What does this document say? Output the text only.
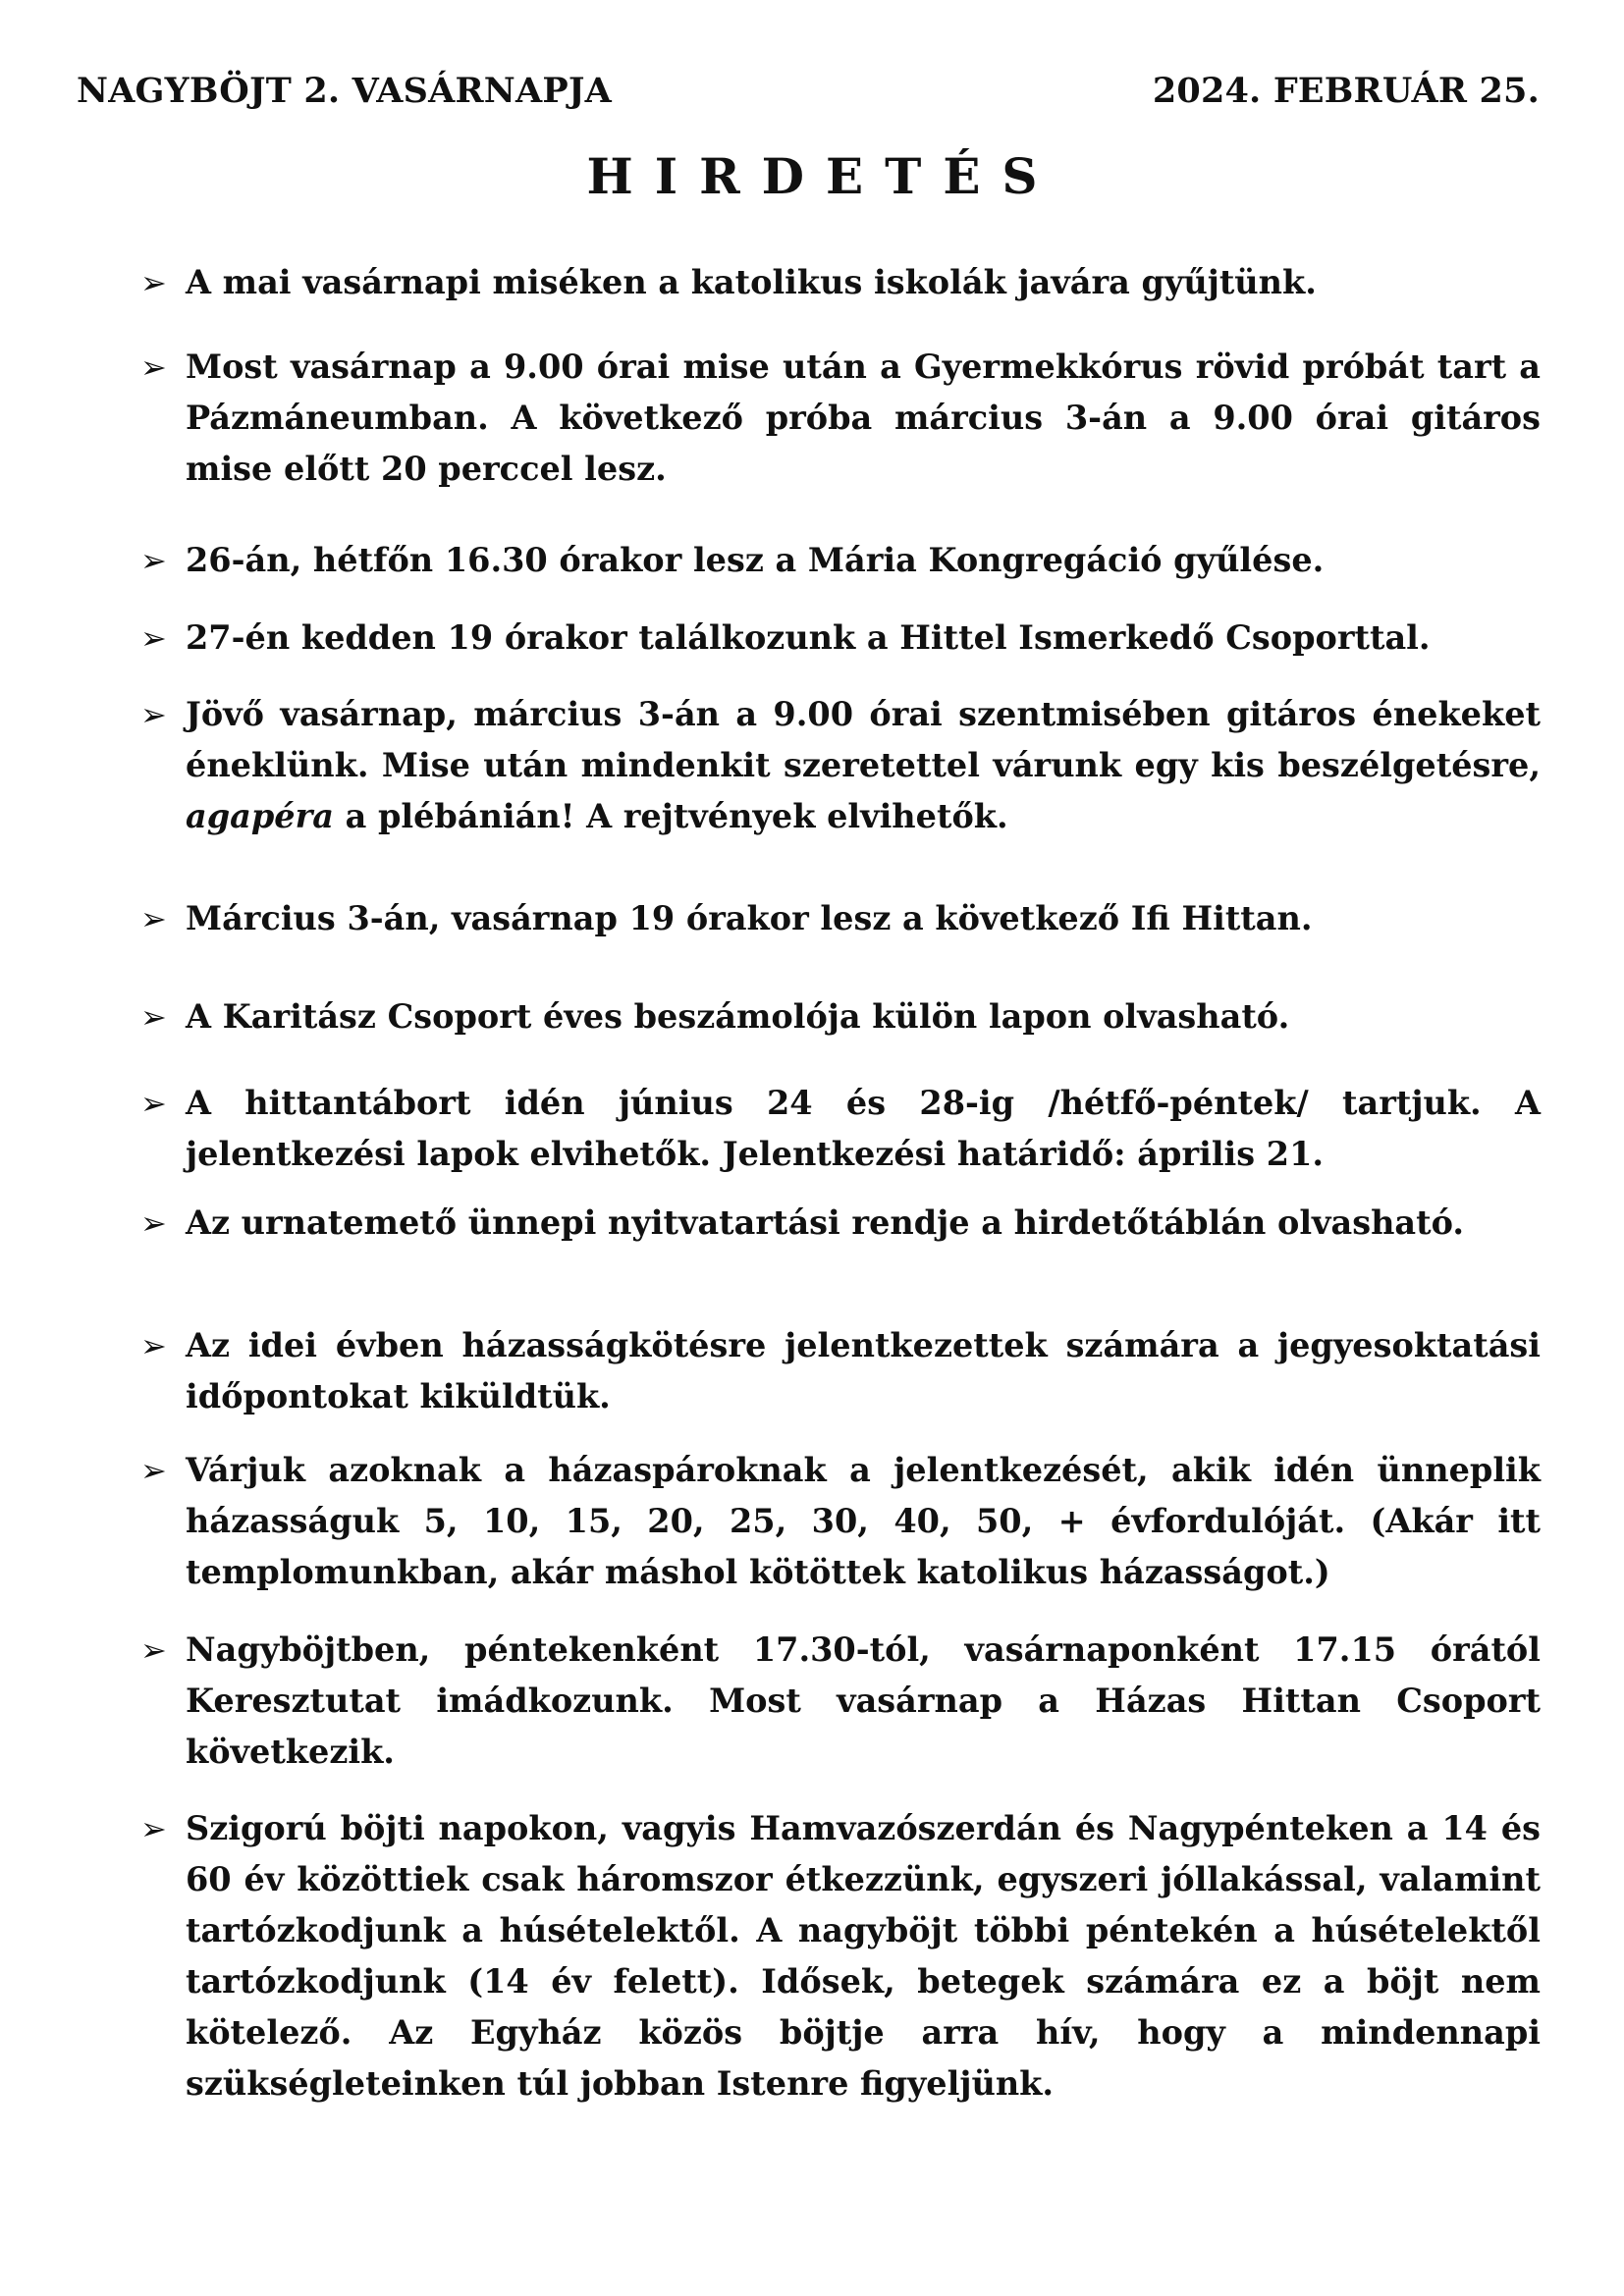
NAGYBÖJT 2. VASÁRNAPJA	2024. FEBRUÁR 25.
HIRDETÉS
➢ A mai vasárnapi miséken a katolikus iskolák javára gyűjtünk.
➢ Most vasárnap a 9.00 órai mise után a Gyermekkórus rövid próbát tart a Pázmáneumban. A következő próba március 3-án a 9.00 órai gitáros mise előtt 20 perccel lesz.
➢ 26-án, hétfőn 16.30 órakor lesz a Mária Kongregáció gyűlése.
➢ 27-én kedden 19 órakor találkozunk a Hittel Ismerkedő Csoporttal.
➢ Jövő vasárnap, március 3-án a 9.00 órai szentmisében gitáros énekeket éneklünk. Mise után mindenkit szeretettel várunk egy kis beszélgetésre, agapéra a plébánián! A rejtvények elvihetők.
➢ Március 3-án, vasárnap 19 órakor lesz a következő Ifi Hittan.
➢ A Karitász Csoport éves beszámolója külön lapon olvasható.
➢ A hittantábort idén június 24 és 28-ig /hétfő-péntek/ tartjuk. A jelentkezési lapok elvihetők. Jelentkezési határidő: április 21.
➢ Az urnatemető ünnepi nyitvatartási rendje a hirdetőtáblán olvasható.
➢ Az idei évben házasságkötésre jelentkezettek számára a jegyesoktatási időpontokat kiküldtük.
➢ Várjuk azoknak a házaspároknak a jelentkezését, akik idén ünneplik házasságuk 5, 10, 15, 20, 25, 30, 40, 50, + évfordulóját. (Akár itt templomunkban, akár máshol kötöttek katolikus házasságot.)
➢ Nagyböjtben, péntekenként 17.30-tól, vasárnaponként 17.15 órától Keresztutat imádkozunk. Most vasárnap a Házas Hittan Csoport következik.
➢ Szigorú böjti napokon, vagyis Hamvazószerdán és Nagypénteken a 14 és 60 év közöttiek csak háromszor étkezzünk, egyszeri jóllakással, valamint tartózkodjunk a húsételektől. A nagyböjt többi péntekén a húsételektől tartózkodjunk (14 év felett). Idősek, betegek számára ez a böjt nem kötelező. Az Egyház közös böjtje arra hív, hogy a mindennapi szükségleteinken túl jobban Istenre figyeljünk.
